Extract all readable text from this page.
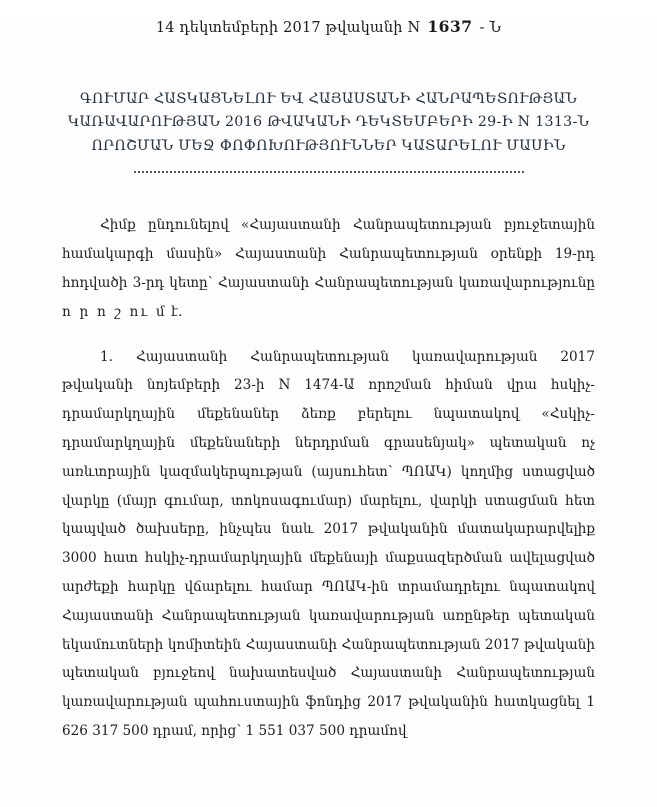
14 դեկտեմբերի 2017 թվականի N 1637 - Ն
ԳՈՒՄԱՐ ՀԱՏԿԱՑՆԵԼՈՒ ԵՎ ՀԱՅԱՍՏԱՆԻ ՀԱՆՐԱՊԵՏՈՒԹՅԱՆ
ԿԱՌԱՎԱՐՈՒԹՅԱՆ 2016 ԹՎԱԿԱՆԻ ԴԵԿՏԵՄԲԵՐԻ 29-Ի N 1313-Ն
ՈՐՈՇՄԱՆ ՄԵՋ ՓՈՓՈԽՈՒԹՅՈՒՆՆԵՐ ԿԱՏԱՐԵԼՈՒ ՄԱՍԻՆ

Հիմք ընդունելով «Հայաստանի Հանրապետության բյուջետային համակարգի մասին» Հայաստանի Հանրապետության օրենքի 19-րդ հոդվածի 3-րդ կետը՝ Հայաստանի Հանրապետության կառավարությունը ո ր ո շ ու մ է.

1. Հայաստանի Հանրապետության կառավարության 2017 թվականի նոյեմբերի 23-ի N 1474-Ա որոշման հիման վրա հսկիչ-դրամարկղային մեքենաներ ձեռք բերելու նպատակով «Հսկիչ-դրամարկղային մեքենաների ներդրման գրասենյակ» պետական ոչ առևտրային կազմակերպության (այսուհետ՝ ՊՈԱԿ) կողմից ստացված վարկը (մայր գումար, տոկոսագումար) մարելու, վարկի ստացման հետ կապված ծախսերը, ինչպես նաև 2017 թվականին մատակարարվելիք 3000 հատ հսկիչ-դրամարկղային մեքենայի մաքսազերծման ավելացված արժեքի հարկը վճարելու համար ՊՈԱԿ-ին տրամադրելու նպատակով Հայաստանի Հանրապետության կառավարության առընթեր պետական եկամուտների կոմիտեին Հայաստանի Հանրապետության 2017 թվականի պետական բյուջեով նախատեսված Հայաստանի Հանրապետության կառավարության պահուստային ֆոնդից 2017 թվականին հատկացնել 1 626 317 500 դրամ, որից՝ 1 551 037 500 դրամով
